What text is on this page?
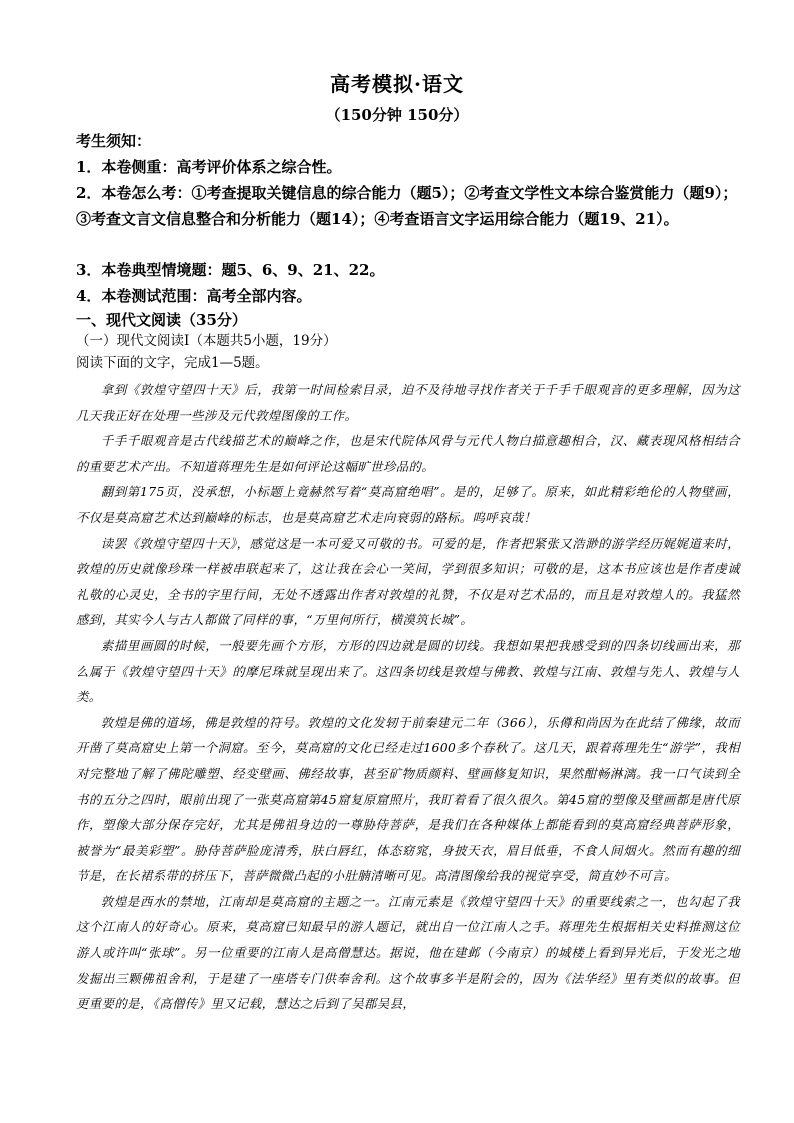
高考模拟·语文
（150分钟 150分）
考生须知：
1．本卷侧重：高考评价体系之综合性。
2．本卷怎么考：①考查提取关键信息的综合能力（题5）；②考查文学性文本综合鉴赏能力（题9）；③考查文言文信息整合和分析能力（题14）；④考查语言文字运用综合能力（题19、21）。
3．本卷典型情境题：题5、6、9、21、22。
4．本卷测试范围：高考全部内容。
一、现代文阅读（35分）
（一）现代文阅读Ⅰ（本题共5小题，19分）
阅读下面的文字，完成1—5题。

拿到《敦煌守望四十天》后，我第一时间检索目录，迫不及待地寻找作者关于千手千眼观音的更多理解，因为这几天我正好在处理一些涉及元代敦煌图像的工作。

千手千眼观音是古代线描艺术的巅峰之作，也是宋代院体风骨与元代人物白描意趣相合，汉、藏表现风格相结合的重要艺术产出。不知道蒋理先生是如何评论这幅旷世珍品的。

翻到第175页，没承想，小标题上竟赫然写着“莫高窟绝唱”。是的，足够了。原来，如此精彩绝伦的人物壁画，不仅是莫高窟艺术达到巅峰的标志，也是莫高窟艺术走向衰弱的路标。呜呼哀哉！

读罢《敦煌守望四十天》，感觉这是一本可爱又可敬的书。可爱的是，作者把紧张又浩渺的游学经历娓娓道来时，敦煌的历史就像珍珠一样被串联起来了，这让我在会心一笑间，学到很多知识；可敬的是，这本书应该也是作者虔诚礼敬的心灵史，全书的字里行间，无处不透露出作者对敦煌的礼赞，不仅是对艺术品的，而且是对敦煌人的。我猛然感到，其实今人与古人都做了同样的事，“万里何所行，横漠筑长城”。

素描里画圆的时候，一般要先画个方形，方形的四边就是圆的切线。我想如果把我感受到的四条切线画出来，那么属于《敦煌守望四十天》的摩尼珠就呈现出来了。这四条切线是敦煌与佛教、敦煌与江南、敦煌与先人、敦煌与人类。

敦煌是佛的道场，佛是敦煌的符号。敦煌的文化发轫于前秦建元二年（366），乐僔和尚因为在此结了佛缘，故而开凿了莫高窟史上第一个洞窟。至今，莫高窟的文化已经走过1600多个春秋了。这几天，跟着蒋理先生“游学”，我相对完整地了解了佛陀雕塑、经变壁画、佛经故事，甚至矿物质颜料、壁画修复知识，果然酣畅淋漓。我一口气读到全书的五分之四时，眼前出现了一张莫高窟第45窟复原窟照片，我盯着看了很久很久。第45窟的塑像及壁画都是唐代原作，塑像大部分保存完好，尤其是佛祖身边的一尊胁侍菩萨，是我们在各种媒体上都能看到的莫高窟经典菩萨形象，被誉为“最美彩塑”。胁侍菩萨脸庞清秀，肤白唇红，体态窈窕，身披天衣，眉目低垂，不食人间烟火。然而有趣的细节是，在长裙系带的挤压下，菩萨微微凸起的小肚腩清晰可见。高清图像给我的视觉享受，简直妙不可言。

敦煌是西水的禁地，江南却是莫高窟的主题之一。江南元素是《敦煌守望四十天》的重要线索之一，也勾起了我这个江南人的好奇心。原来，莫高窟已知最早的游人题记，就出自一位江南人之手。蒋理先生根据相关史料推测这位游人或许叫“张球”。另一位重要的江南人是高僧慧达。据说，他在建邺（今南京）的城楼上看到异光后，于发光之地发掘出三颗佛祖舍利，于是建了一座塔专门供奉舍利。这个故事多半是附会的，因为《法华经》里有类似的故事。但更重要的是，《高僧传》里又记载，慧达之后到了吴郡吴县，
